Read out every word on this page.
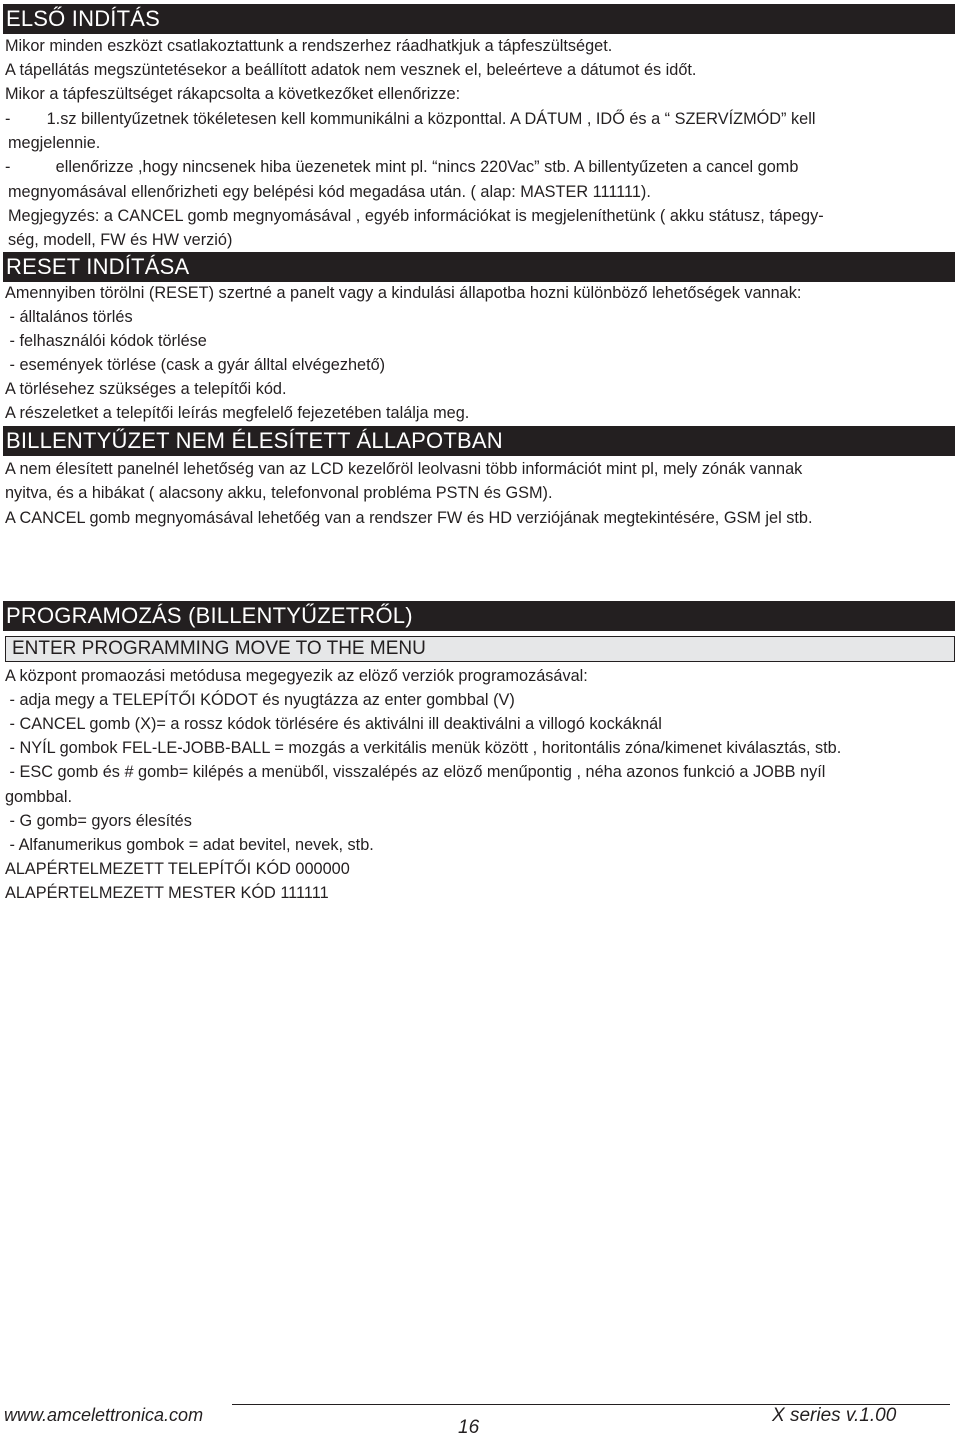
ELSŐ INDÍTÁS
Mikor minden eszközt csatlakoztattunk a rendszerhez ráadhatkjuk a tápfeszültséget.
A tápellátás megszüntetésekor a beállított adatok nem vesznek el, beleérteve a dátumot és időt.
Mikor a tápfeszültséget rákapcsolta a következőket ellenőrizze:
-        1.sz billentyűzetnek tökéletesen kell kommunikálni a központtal. A DÁTUM , IDŐ és a “ SZERVÍZMÓD” kell
megjelennie.
-          ellenőrizze ,hogy nincsenek hiba üezenetek mint pl. “nincs 220Vac” stb. A billentyűzeten a cancel gomb
megnyomásával ellenőrizheti egy belépési kód megadása után. ( alap: MASTER 111111).
Megjegyzés: a CANCEL gomb megnyomásával , egyéb információkat is megjeleníthetünk ( akku státusz, tápegy-
ség, modell, FW és HW verzió)
RESET INDÍTÁSA
Amennyiben törölni (RESET) szertné a panelt vagy a kindulási állapotba hozni különböző lehetőségek vannak:
- álltalános törlés
- felhasználói kódok törlése
- események törlése (cask a gyár álltal elvégezhető)
A törlésehez szükséges a telepítői kód.
A részeletket a telepítői leírás megfelelő fejezetében találja meg.
BILLENTYŰZET NEM ÉLESÍTETT ÁLLAPOTBAN
A nem élesített panelnél lehetőség van az LCD kezelőröl leolvasni több információt mint pl, mely zónák vannak
nyitva, és a hibákat ( alacsony akku, telefonvonal probléma PSTN és GSM).
A CANCEL gomb megnyomásával lehetőég van a rendszer FW és HD verziójának megtekintésére, GSM jel stb.
PROGRAMOZÁS (BILLENTYŰZETRŐL)
ENTER PROGRAMMING MOVE TO THE MENU
A központ promaozási metódusa megegyezik az elöző verziók programozásával:
- adja megy a TELEPÍTŐI KÓDOT és nyugtázza az enter gombbal (V)
- CANCEL gomb (X)= a rossz kódok törlésére és aktiválni ill deaktiválni a villogó kockáknál
- NYÍL gombok FEL-LE-JOBB-BALL = mozgás a verkitális menük között , horitontális zóna/kimenet kiválasztás, stb.
- ESC gomb és # gomb= kilépés a menüből, visszalépés az elöző menűpontig , néha azonos funkció a JOBB nyíl
gombbal.
- G gomb= gyors élesítés
- Alfanumerikus gombok = adat bevitel, nevek, stb.
ALAPÉRTELMEZETT TELEPÍTŐI KÓD 000000
ALAPÉRTELMEZETT MESTER KÓD 111111
www.amcelettronica.com
16
X series v.1.00
